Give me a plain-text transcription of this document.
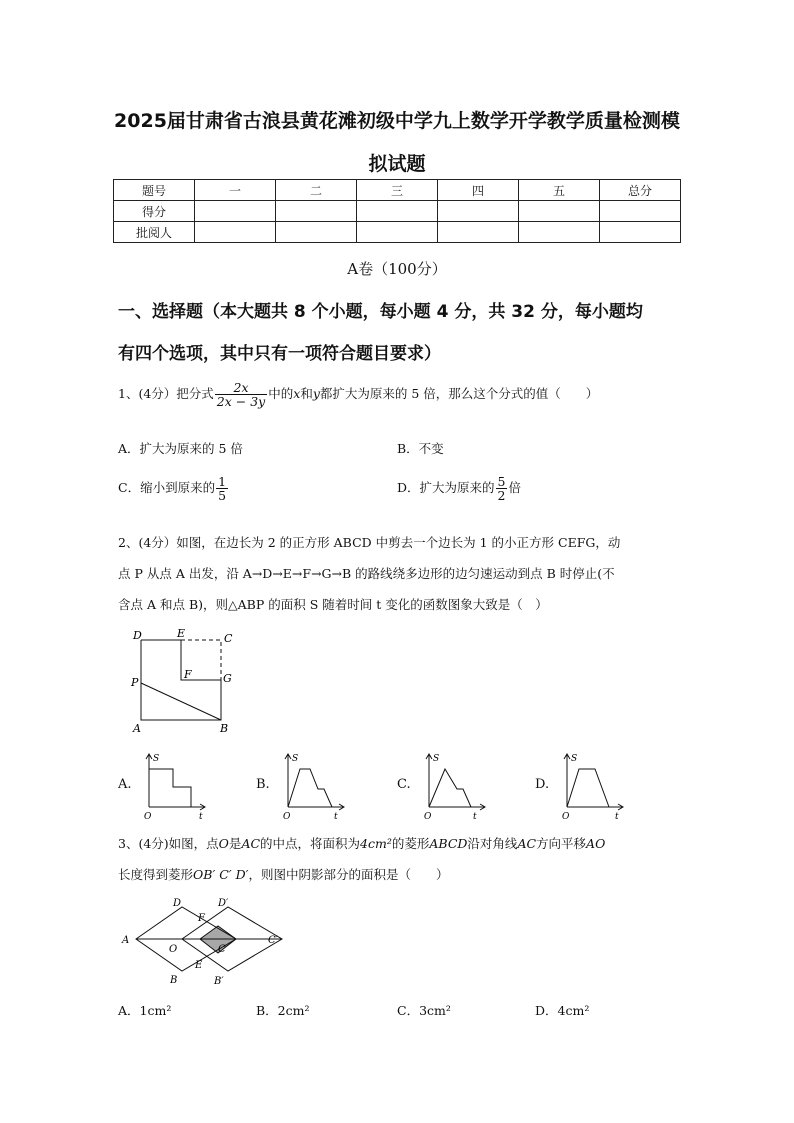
2025届甘肃省古浪县黄花滩初级中学九上数学开学教学质量检测模
拟试题
题号	一	二	三	四	五	总分
得分						
批阅人						
A卷（100分）
一、选择题（本大题共 8 个小题，每小题 4 分，共 32 分，每小题均
有四个选项，其中只有一项符合题目要求）
1、(4分）把分式 $\frac{2x}{2x - 3y}$ 中的x和y都扩大为原来的 5 倍，那么这个分式的值（　　）
A．扩大为原来的 5 倍	B．不变
C．缩小到原来的 $\frac{1}{5}$	D．扩大为原来的 $\frac{5}{2}$ 倍
2、(4分）如图，在边长为 2 的正方形 ABCD 中剪去一个边长为 1 的小正方形 CEFG，动
点 P 从点 A 出发，沿 A→D→E→F→G→B 的路线绕多边形的边匀速运动到点 B 时停止(不
含点 A 和点 B)，则△ABP 的面积 S 随着时间 t 变化的函数图象大致是（　）
D	E	C
F	G
P
A	B
A.	B.	C.	D.
S
O	t
S
O	t
S
O	t
S
O	t
3、(4分)如图，点O是AC的中点，将面积为4cm²的菱形ABCD沿对角线AC方向平移AO
长度得到菱形OB′ C′ D′，则图中阴影部分的面积是（　　）
A
D	D′
F
O	C
C′
E
B	B′
A．1cm²	B．2cm²	C．3cm²	D．4cm²
